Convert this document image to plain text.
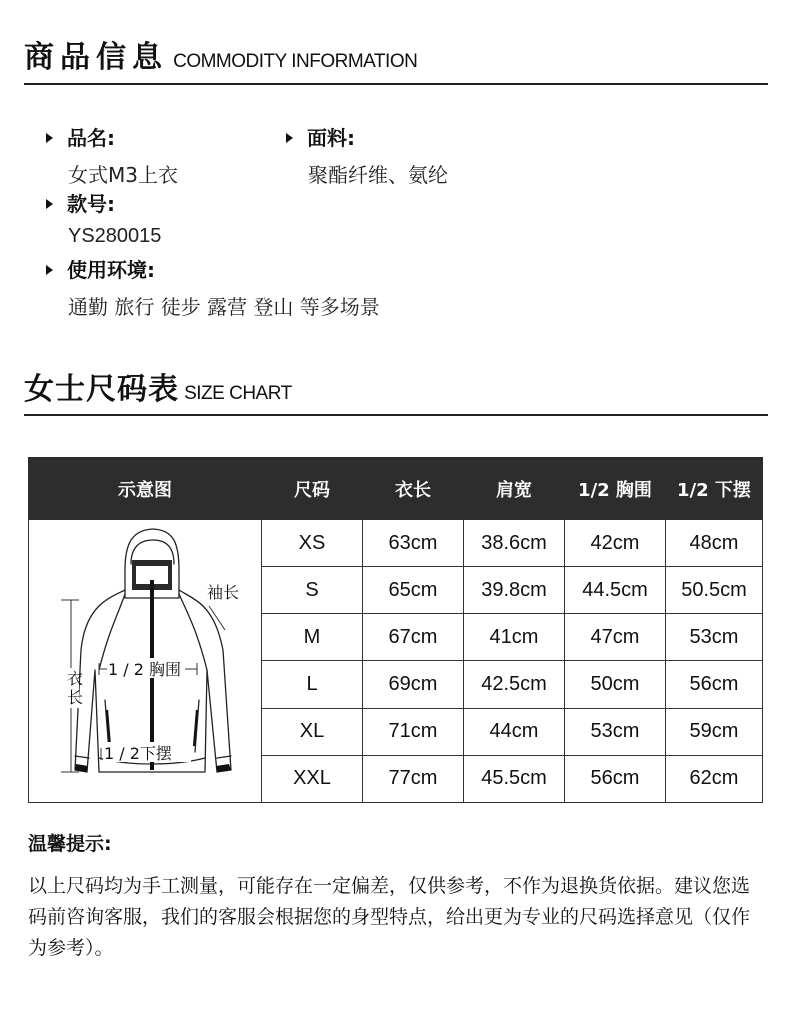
商品信息 COMMODITY INFORMATION
品名:
女式M3上衣
面料:
聚酯纤维、氨纶
款号:
YS280015
使用环境:
通勤 旅行 徒步 露营 登山 等多场景
女士尺码表 SIZE CHART
示意图	尺码	衣长	肩宽	1/2 胸围	1/2 下摆

衣
长
1 / 2 胸围
1 / 2下摆
袖长	XS	63cm	38.6cm	42cm	48cm
	S	65cm	39.8cm	44.5cm	50.5cm
	M	67cm	41cm	47cm	53cm
	L	69cm	42.5cm	50cm	56cm
	XL	71cm	44cm	53cm	59cm
	XXL	77cm	45.5cm	56cm	62cm
温馨提示:
以上尺码均为手工测量，可能存在一定偏差，仅供参考，不作为退换货依据。建议您选码前咨询客服，我们的客服会根据您的身型特点，给出更为专业的尺码选择意见（仅作为参考）。
